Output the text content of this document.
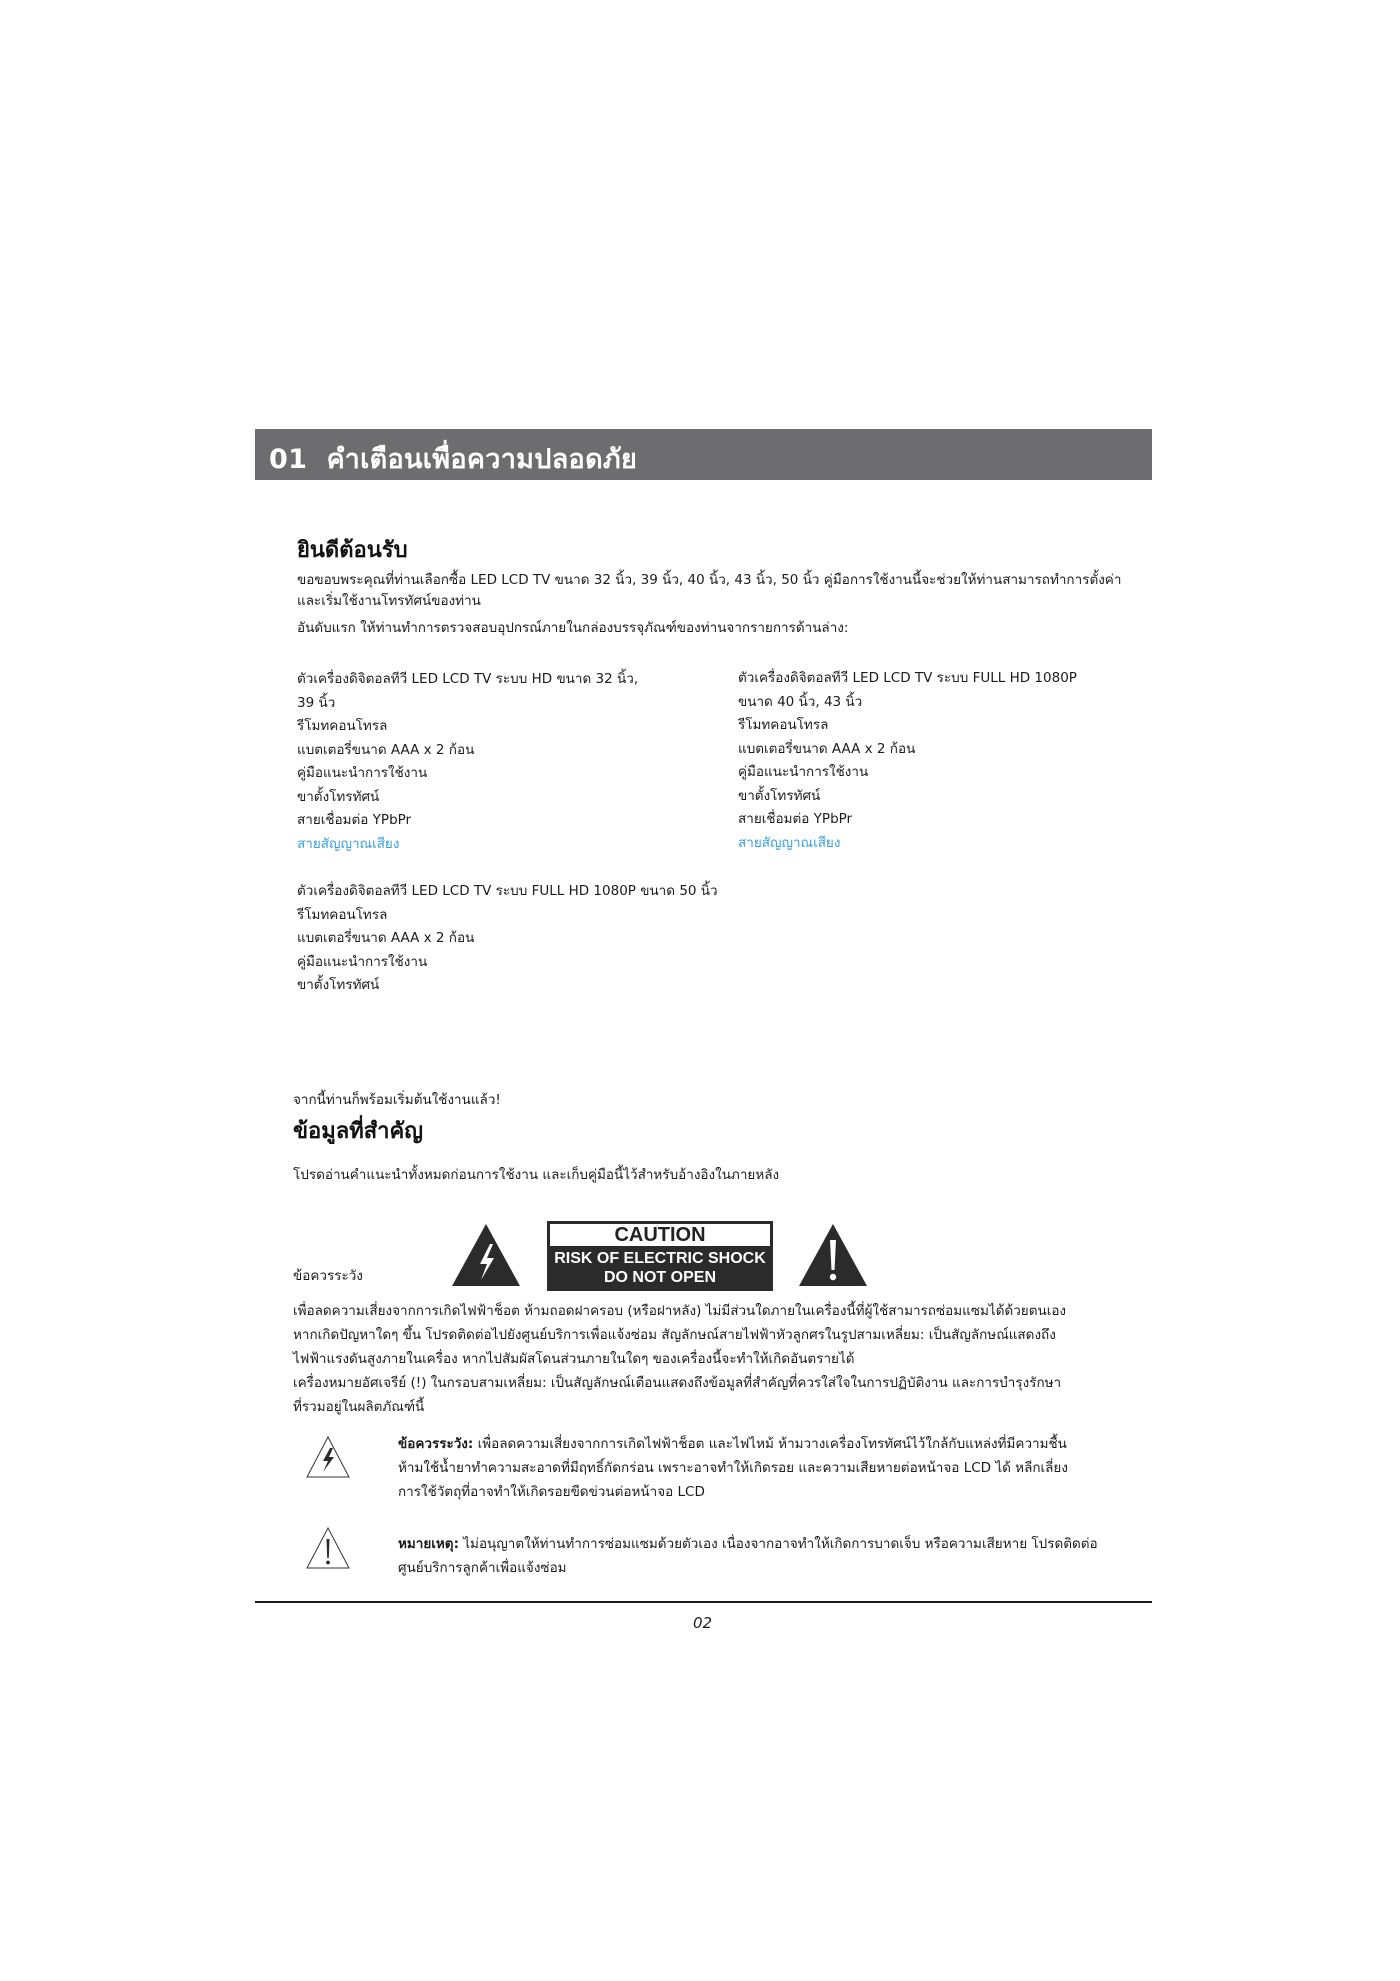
01 คำเตือนเพื่อความปลอดภัย
ยินดีต้อนรับ
ขอขอบพระคุณที่ท่านเลือกซื้อ LED LCD TV ขนาด 32 นิ้ว, 39 นิ้ว, 40 นิ้ว, 43 นิ้ว, 50 นิ้ว คู่มือการใช้งานนี้จะช่วยให้ท่านสามารถทำการตั้งค่า
และเริ่มใช้งานโทรทัศน์ของท่าน
อันดับแรก ให้ท่านทำการตรวจสอบอุปกรณ์ภายในกล่องบรรจุภัณฑ์ของท่านจากรายการด้านล่าง:
ตัวเครื่องดิจิตอลทีวี LED LCD TV ระบบ HD ขนาด 32 นิ้ว,
39 นิ้ว
รีโมทคอนโทรล
แบตเตอรี่ขนาด AAA x 2 ก้อน
คู่มือแนะนำการใช้งาน
ขาตั้งโทรทัศน์
สายเชื่อมต่อ YPbPr
สายสัญญาณเสียง
ตัวเครื่องดิจิตอลทีวี LED LCD TV ระบบ FULL HD 1080P
ขนาด 40 นิ้ว, 43 นิ้ว
รีโมทคอนโทรล
แบตเตอรี่ขนาด AAA x 2 ก้อน
คู่มือแนะนำการใช้งาน
ขาตั้งโทรทัศน์
สายเชื่อมต่อ YPbPr
สายสัญญาณเสียง
ตัวเครื่องดิจิตอลทีวี LED LCD TV ระบบ FULL HD 1080P ขนาด 50 นิ้ว
รีโมทคอนโทรล
แบตเตอรี่ขนาด AAA x 2 ก้อน
คู่มือแนะนำการใช้งาน
ขาตั้งโทรทัศน์
จากนี้ท่านก็พร้อมเริ่มต้นใช้งานแล้ว!
ข้อมูลที่สำคัญ
โปรดอ่านคำแนะนำทั้งหมดก่อนการใช้งาน และเก็บคู่มือนี้ไว้สำหรับอ้างอิงในภายหลัง
ข้อควรระวัง
CAUTION
RISK OF ELECTRIC SHOCK
DO NOT OPEN
เพื่อลดความเสี่ยงจากการเกิดไฟฟ้าช็อต ห้ามถอดฝาครอบ (หรือฝาหลัง) ไม่มีส่วนใดภายในเครื่องนี้ที่ผู้ใช้สามารถซ่อมแซมได้ด้วยตนเอง
หากเกิดปัญหาใดๆ ขึ้น โปรดติดต่อไปยังศูนย์บริการเพื่อแจ้งซ่อม สัญลักษณ์สายไฟฟ้าหัวลูกศรในรูปสามเหลี่ยม: เป็นสัญลักษณ์แสดงถึง
ไฟฟ้าแรงดันสูงภายในเครื่อง หากไปสัมผัสโดนส่วนภายในใดๆ ของเครื่องนี้จะทำให้เกิดอันตรายได้
เครื่องหมายอัศเจรีย์ (!) ในกรอบสามเหลี่ยม: เป็นสัญลักษณ์เตือนแสดงถึงข้อมูลที่สำคัญที่ควรใส่ใจในการปฏิบัติงาน และการบำรุงรักษา
ที่รวมอยู่ในผลิตภัณฑ์นี้
ข้อควรระวัง: เพื่อลดความเสี่ยงจากการเกิดไฟฟ้าช็อต และไฟไหม้ ห้ามวางเครื่องโทรทัศน์ไว้ใกล้กับแหล่งที่มีความชื้น
ห้ามใช้น้ำยาทำความสะอาดที่มีฤทธิ์กัดกร่อน เพราะอาจทำให้เกิดรอย และความเสียหายต่อหน้าจอ LCD ได้ หลีกเลี่ยง
การใช้วัตถุที่อาจทำให้เกิดรอยขีดข่วนต่อหน้าจอ LCD
หมายเหตุ: ไม่อนุญาตให้ท่านทำการซ่อมแซมด้วยตัวเอง เนื่องจากอาจทำให้เกิดการบาดเจ็บ หรือความเสียหาย โปรดติดต่อ
ศูนย์บริการลูกค้าเพื่อแจ้งซ่อม
02
